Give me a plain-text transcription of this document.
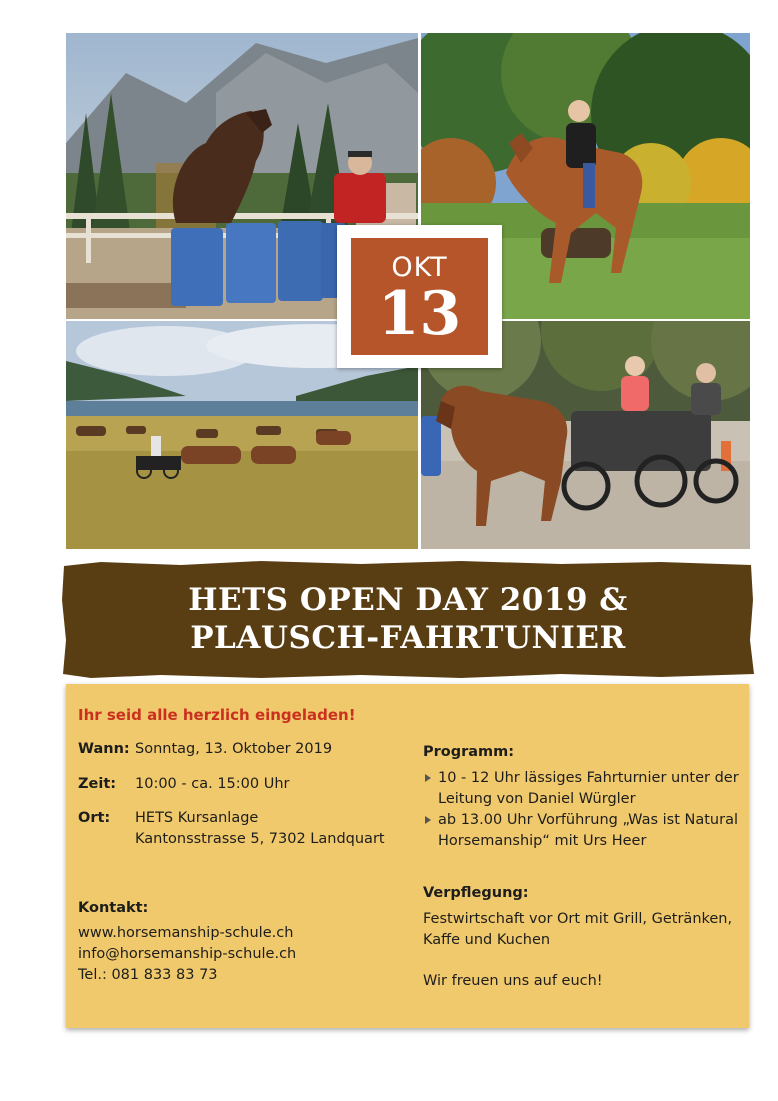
OKT
13
HETS OPEN DAY 2019 &
PLAUSCH-FAHRTUNIER
Ihr seid alle herzlich eingeladen!
Wann: Sonntag, 13. Oktober 2019
Zeit: 10:00 - ca. 15:00 Uhr
Ort: HETS Kursanlage
Kantonsstrasse 5, 7302 Landquart
Kontakt:
www.horsemanship-schule.ch
info@horsemanship-schule.ch
Tel.: 081 833 83 73
Programm:
10 - 12 Uhr lässiges Fahrturnier unter der
Leitung von Daniel Würgler
ab 13.00 Uhr Vorführung „Was ist Natural
Horsemanship“ mit Urs Heer
Verpflegung:
Festwirtschaft vor Ort mit Grill, Getränken,
Kaffe und Kuchen
Wir freuen uns auf euch!
